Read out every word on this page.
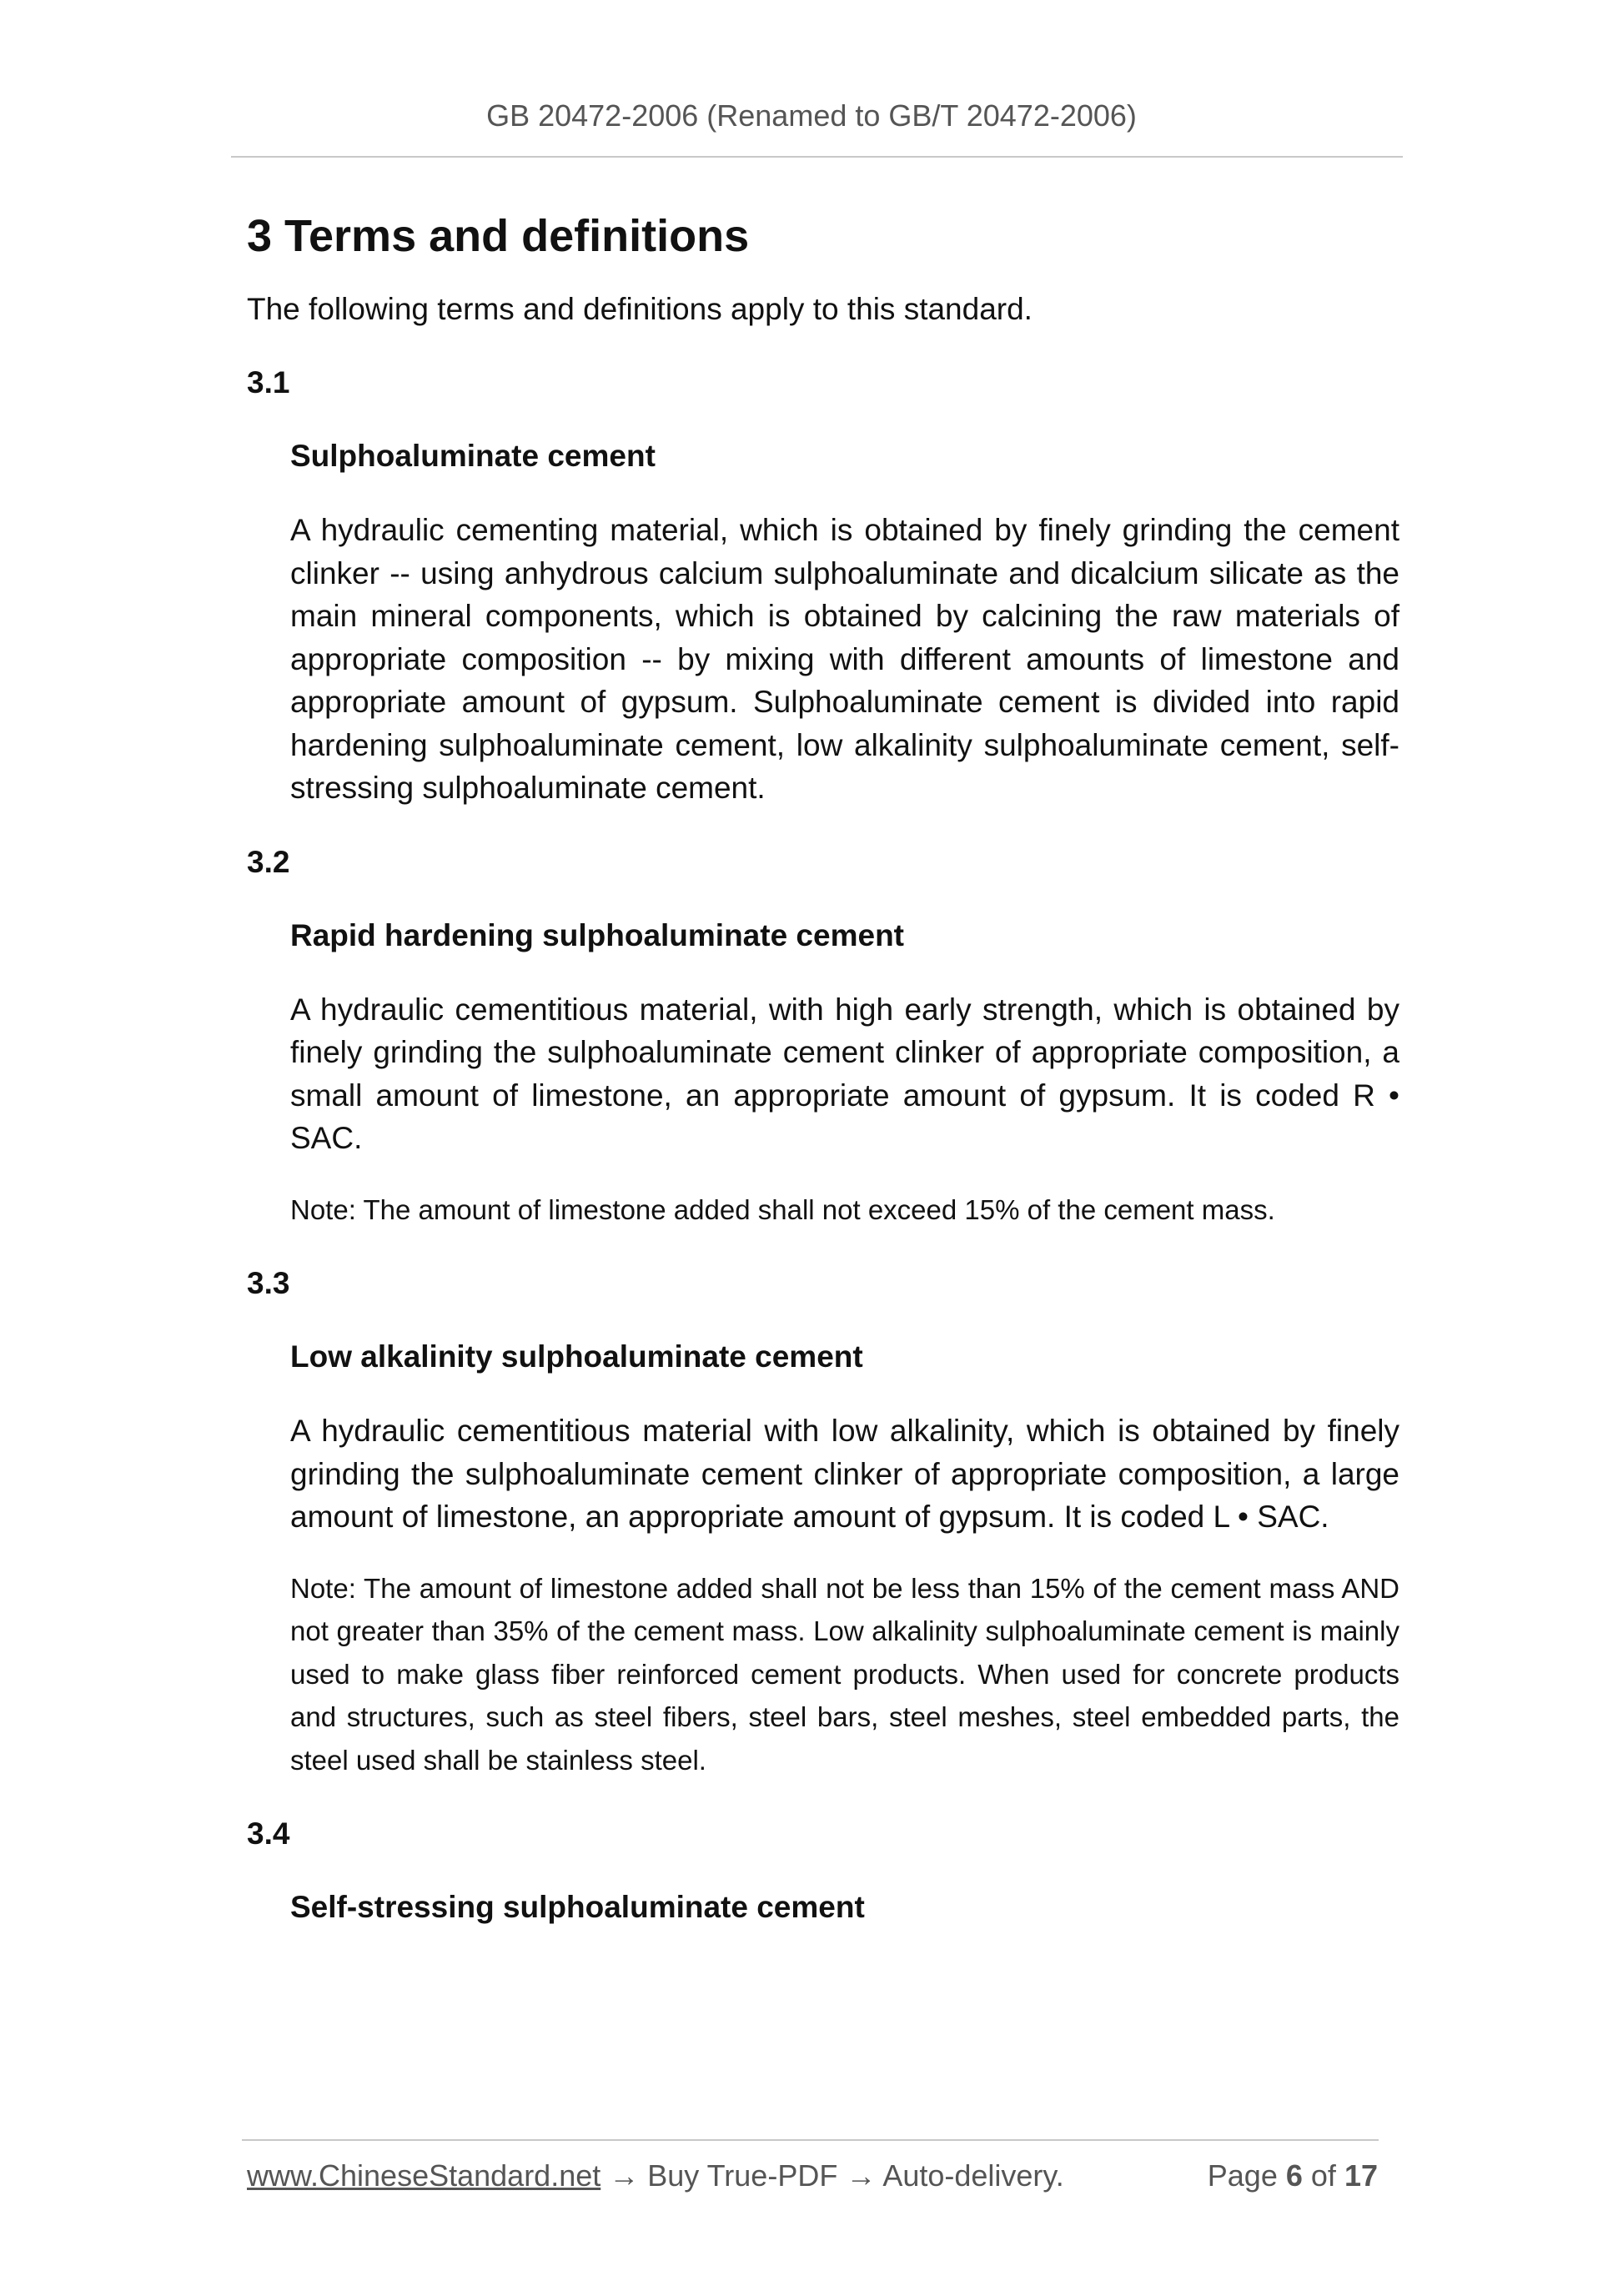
GB 20472-2006 (Renamed to GB/T 20472-2006)
3 Terms and definitions

The following terms and definitions apply to this standard.

3.1
Sulphoaluminate cement
A hydraulic cementing material, which is obtained by finely grinding the cement clinker -- using anhydrous calcium sulphoaluminate and dicalcium silicate as the main mineral components, which is obtained by calcining the raw materials of appropriate composition -- by mixing with different amounts of limestone and appropriate amount of gypsum. Sulphoaluminate cement is divided into rapid hardening sulphoaluminate cement, low alkalinity sulphoaluminate cement, self-stressing sulphoaluminate cement.
3.2
Rapid hardening sulphoaluminate cement
A hydraulic cementitious material, with high early strength, which is obtained by finely grinding the sulphoaluminate cement clinker of appropriate composition, a small amount of limestone, an appropriate amount of gypsum. It is coded R • SAC.
Note: The amount of limestone added shall not exceed 15% of the cement mass.
3.3
Low alkalinity sulphoaluminate cement
A hydraulic cementitious material with low alkalinity, which is obtained by finely grinding the sulphoaluminate cement clinker of appropriate composition, a large amount of limestone, an appropriate amount of gypsum. It is coded L • SAC.
Note: The amount of limestone added shall not be less than 15% of the cement mass AND not greater than 35% of the cement mass. Low alkalinity sulphoaluminate cement is mainly used to make glass fiber reinforced cement products. When used for concrete products and structures, such as steel fibers, steel bars, steel meshes, steel embedded parts, the steel used shall be stainless steel.
3.4
Self-stressing sulphoaluminate cement
www.ChineseStandard.net → Buy True-PDF → Auto-delivery.	Page 6 of 17
